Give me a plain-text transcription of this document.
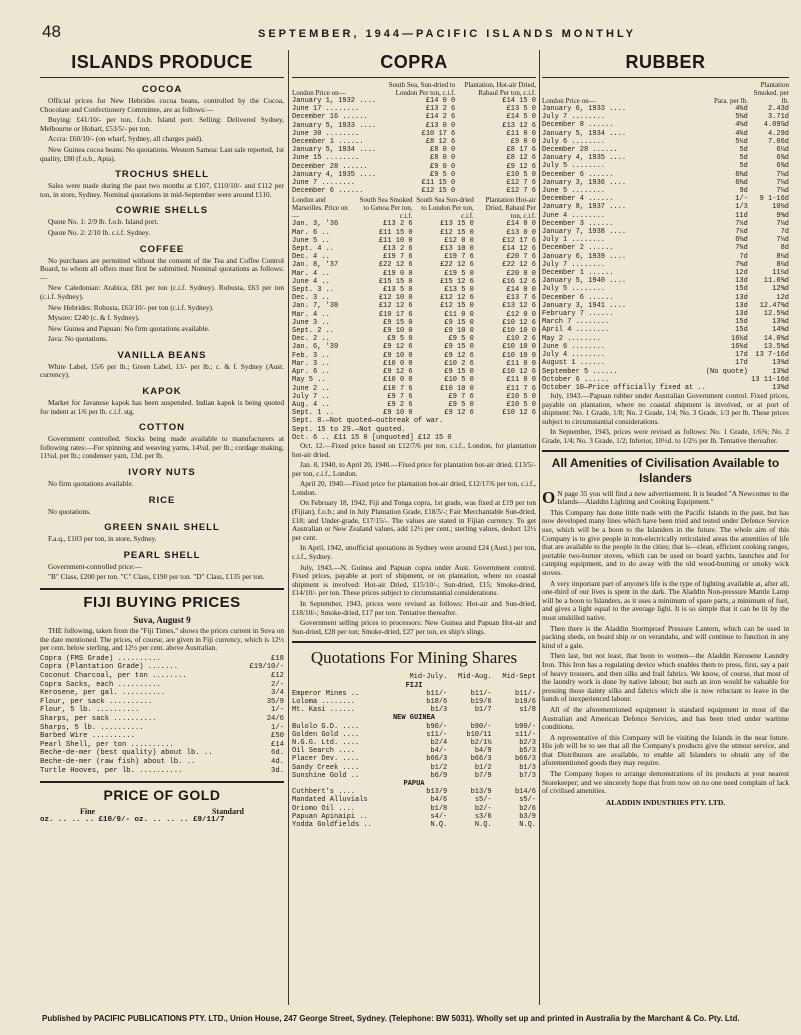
48	SEPTEMBER, 1944—PACIFIC ISLANDS MONTHLY
ISLANDS PRODUCE
COCOA

Official prices for New Hebrides cocoa beans, controlled by the Cocoa, Chocolate and Confectionery Committee, are as follows:—

Buying: £41/10/- per ton, f.o.b. Island port. Selling: Delivered Sydney, Melbourne or Hobart, £53/5/- per ton.

Accra: £60/10/- (on wharf, Sydney, all charges paid).

New Guinea cocoa beans: No quotations. Western Samoa: Last sale reported, 1st quality, £80 (f.o.b., Apia).

TROCHUS SHELL

Sales were made during the past two months at £107, £110/10/- and £112 per ton, in store, Sydney. Nominal quotations in mid-September were around £110.

COWRIE SHELLS

Quote No. 1: 2/9 lb. f.o.b. Island port.

Quote No. 2: 2/10 lb. c.i.f. Sydney.

COFFEE

No purchases are permitted without the consent of the Tea and Coffee Control Board, to whom all offers must first be submitted. Nominal quotations as follows:—

New Caledonian: Arabica, £81 per ton (c.i.f. Sydney). Robusta, £63 per ton (c.i.f. Sydney).

New Hebrides: Robusta, £63/10/- per ton (c.i.f. Sydney).

Mysore: £240 (c. & f. Sydney).

New Guinea and Papuan: No firm quotations available.

Java: No quotations.

VANILLA BEANS

White Label, 15/6 per lb.; Green Label, 13/- per lb.; c. & f. Sydney (Aust. currency).

KAPOK

Market for Javanese kapok has been suspended. Indian kapok is being quoted for indent at 1/6 per lb. c.i.f. stg.

COTTON

Government controlled. Stocks being made available to manufacturers at following rates:—For spinning and weaving yarns, 14¼d. per lb.; cordage making, 11¾d. per lb.; condenser yarn, 13d. per lb.

IVORY NUTS

No firm quotations available.

RICE

No quotations.

GREEN SNAIL SHELL

F.a.q., £103 per ton, in store, Sydney.

PEARL SHELL

Government-controlled price:—

"B" Class, £200 per ton. "C" Class, £190 per ton. "D" Class, £135 per ton.

FIJI BUYING PRICES
Suva, August 9

THE following, taken from the "Fiji Times," shows the prices current in Suva on the date mentioned. The prices, of course, are given in Fiji currency, which is 12½ per cent. below sterling, and 12½ per cent. above Australian.

Copra (FMS Grade) ..........	£18
Copra (Plantation Grade) .......	£19/10/-
Coconut Charcoal, per ton ........	£12
Copra Sacks, each ..........	2/-
Kerosene, per gal. ..........	3/4
Flour, per sack ..........	35/9
Flour, 5 lb. ..........	1/-
Sharps, per sack ..........	24/6
Sharps, 5 lb. ..........	1/-
Barbed Wire ..........	£50
Pearl Shell, per ton ..........	£14
Beche-de-mer (best quality) about lb. ..	6d.
Beche-de-mer (raw fish) about lb. ..	4d.
Turtle Hooves, per lb. ..........	3d.
PRICE OF GOLD
Fine	Standard
oz. .. .. .. £10/9/- oz. .. .. .. £9/11/7
COPRA
London Price on—	South Sea, Sun-dried to London Per ton, c.i.f.	Plantation, Hot-air Dried, Rabaul Per ton, c.i.f.
January 1, 1932 ....	£14 0 0	£14 15 0
June 17 ........	£13 2 6	£13 5 0
December 16 ......	£14 2 6	£14 5 0
January 5, 1933 ....	£13 0 0	£13 12 6
June 30 ........	£10 17 6	£11 0 0
December 1 ......	£8 12 6	£9 0 0
January 5, 1934 ....	£8 0 0	£8 17 6
June 15 ........	£8 0 0	£8 12 6
December 28 ......	£9 0 0	£9 12 6
January 4, 1935 ....	£9 5 0	£10 5 0
June 7 ........	£11 15 0	£12 7 6
December 6 ......	£12 15 0	£12 7 6
London and Marseilles. Price on—	South Sea Smoked to Genoa Per ton, c.i.f.	South Sea Sun-dried to London Per ton, c.i.f.	Plantation Hot-air Dried, Rabaul Per ton, c.i.f.
Jan. 3, '36	£13 2 6	£13 15 0	£14 0 0
Mar. 6 ..	£11 15 0	£12 15 0	£13 0 0
June 5 ..	£11 10 0	£12 0 0	£12 17 6
Sept. 4 ..	£13 2 6	£13 10 0	£14 12 6
Dec. 4 ..	£19 7 6	£19 7 6	£20 7 6
Jan. 8, '37	£22 12 6	£22 12 6	£22 12 6
Mar. 4 ..	£19 0 0	£19 5 0	£20 0 0
June 4 ..	£15 15 0	£15 12 6	£16 12 6
Sept. 3 ..	£13 5 0	£13 5 0	£14 0 0
Dec. 3 ..	£12 10 0	£12 12 6	£13 7 6
Jan. 7, '38	£12 12 6	£12 15 0	£13 12 6
Mar. 4 ..	£10 17 6	£11 0 0	£12 0 0
June 3 ..	£9 15 0	£9 15 0	£10 12 6
Sept. 2 ..	£9 10 0	£9 10 0	£10 10 0
Dec. 2 ..	£9 5 0	£9 5 0	£10 2 6
Jan. 6, '39	£9 12 6	£9 15 0	£10 10 0
Feb. 3 ..	£9 10 0	£9 12 6	£10 10 0
Mar. 3 ..	£10 0 0	£10 2 6	£11 0 0
Apr. 6 ..	£9 12 6	£9 15 0	£10 12 6
May 5 ..	£10 0 0	£10 5 0	£11 0 0
June 2 ..	£10 7 6	£10 10 0	£11 7 6
July 7 ..	£9 7 6	£9 7 6	£10 5 0
Aug. 4 ..	£9 2 6	£9 5 0	£10 5 0
Sept. 1 ..	£9 10 0	£9 12 6	£10 12 6
Sept. 8.—Not quoted—outbreak of war.
Sept. 15 to 29.—Not quoted.
Oct. 6 .. £11 15 0 [unquoted] £12 15 0

Oct. 12.—Fixed price based on £12/7/6 per ton, c.i.f., London, for plantation hot-air dried.

Jan. 8, 1940, to April 20, 1940.—Fixed price for plantation hot-air dried, £13/5/- per ton, c.i.f., London.

April 20, 1940.—Fixed price for plantation hot-air dried, £12/17/6 per ton, c.i.f., London.

On February 18, 1942, Fiji and Tonga copra, 1st grade, was fixed at £19 per ton (Fijian), f.o.b.; and in July Plantation Grade, £18/5/-; Fair Merchantable Sun-dried, £18; and Under-grade, £17/15/-. The values are stated in Fijian currency. To get Australian or New Zealand values, add 12½ per cent.; sterling values, deduct 12½ per cent.

In April, 1942, unofficial quotations in Sydney were around £24 (Aust.) per ton, c.i.f., Sydney.

July, 1943.—N. Guinea and Papuan copra under Aust. Government control. Fixed prices, payable at port of shipment, or on plantation, where no coastal shipment is involved: Hot-air Dried, £15/10/-; Sun-dried, £15; Smoke-dried, £14/10/- per ton. These prices subject to circumstantial considerations.

In September, 1943, prices were revised as follows: Hot-air and Sun-dried, £18/10/-; Smoke-dried, £17 per ton. Tentative thereafter.

Government selling prices to processors: New Guinea and Papuan Hot-air and Sun-dried, £28 per ton; Smoke-dried, £27 per ton, ex ship's slings.

Quotations For Mining Shares
	Mid-July.	Mid-Aug.	Mid-Sept
FIJI			
Emperor Mines ..	b11/-	b11/-	b11/-
Loloma ........	b18/6	b19/6	b19/6
Mt. Kasi ......	b1/3	b1/7	s1/8
NEW GUINEA			
Bulolo G.D. ....	b90/-	b90/-	b90/-
Golden Gold ....	s11/-	b10/11	s11/-
N.G.G. Ltd. ....	b2/4	b2/1½	b2/3
Oil Search ....	b4/-	b4/9	b5/3
Placer Dev. ....	b66/3	b66/3	b66/3
Sandy Creek ....	b1/2	b1/2	b1/3
Sunshine Gold ..	b6/9	b7/9	b7/3
PAPUA			
Cuthbert's ....	b13/9	b13/9	b14/6
Mandated Alluvials	b4/6	s5/-	s5/-
Oriomo Oil ....	b1/8	b2/-	b2/6
Papuan Apinaipi ..	s4/-	s3/6	b3/9
Yodda Goldfields ..	N.Q.	N.Q.	N.Q.
RUBBER
London Price on—	Para. per lb.	Plantation Smoked. per lb.
January 6, 1933 ....	4¾d	2.43d
July 7 ........	5⅜d	3.71d
December 8 ......	4⅝d	4.09⅞d
January 5, 1934 ....	4¾d	4.29d
July 6 ........	5¼d	7.06d
December 28 ......	5d	6¼d
January 4, 1935 ....	5d	6⅜d
July 5 ........	5d	6⅜d
December 6 ......	6⅜d	7¼d
January 3, 1936 ....	6⅜d	7¼d
June 5 ........	9d	7¼d
December 4 ......	1/-	9 1-16d
January 8, 1937 ....	1/3	10½d
June 4 ........	11d	9⅝d
December 3 ......	7¼d	7¼d
January 7, 1938 ....	7¼d	7d
July 1 ........	6⅝d	7¼d
December 2 ......	7¾d	8d
January 6, 1939 ....	7d	8¼d
July 7 ........	7⅝d	8¼d
December 1 ......	12d	11¼d
January 5, 1940 ....	13d	11.6⅝d
July 5 ........	15d	12⅝d
December 6 ......	13d	12d
January 3, 1941 ....	13d	12.47⅝d
February 7 ......	13d	12.5⅝d
March 7 ........	15d	13⅝d
April 4 ........	15d	14⅝d
May 2 ........	16½d	14.0⅝d
June 6 ........	16¾d	13.5⅝d
July 4 ........	17d	13 7-16d
August 1 ......	17d	13⅝d
September 5 ......	(No quote)	13⅝d
October 6 ......		13 11-16d
October 10—Price officially fixed at ..		13⅝d

July, 1943.—Papuan rubber under Australian Government control. Fixed prices, payable on plantation, where no coastal shipment is involved, or at port of shipment: No. 1 Grade, 1/8; No. 2 Grade, 1/4; No. 3 Grade, 1/3 per lb. These prices subject to circumstantial considerations.

In September, 1943, prices were revised as follows: No. 1 Grade, 1/6⅜; No. 2 Grade, 1/4; No. 3 Grade, 1/2; Inferior, 10½d. to 1/2½ per lb. Tentative thereafter.

All Amenities of Civilisation Available to Islanders

O N page 35 you will find a new advertisement. It is headed "A Newcomer to the Islands—Aladdin Lighting and Cooking Equipment."

This Company has done little trade with the Pacific Islands in the past, but has now developed many lines which have been tried and tested under Defence Service use, which will be a boon to the Islanders in the future. The whole aim of this Company is to give people in non-electrically reticulated areas the amenities of life that are available to the people in the cities; that is—clean, efficient cooking ranges, portable two-burner stoves, which can be used on board yachts, launches and for camping equipment, and to do away with the old wood-burning or smoky wick stoves.

A very important part of anyone's life is the type of lighting available at, after all, one-third of our lives is spent in the dark. The Aladdin Non-pressure Mantle Lamp will be a boon to Islanders, as it uses a minimum of spare parts, a minimum of fuel, and gives a light equal to the average light. It is so simple that it can be lit by the most unskilled native.

Then there is the Aladdin Stormproof Pressure Lantern, which can be used in packing sheds, on board ship or on verandahs, and will continue to function in any kind of a gale.

Then last, but not least, that boon to women—the Aladdin Kerosene Laundry Iron. This Iron has a regulating device which enables them to press, first, say a pair of heavy trousers, and then silks and frail fabrics. We know, of course, that most of the laundry work is done by native labour; but such an iron would be valuable for pressing those dainty silks and fabrics which she is now reluctant to leave in the hands of inexperienced labour.

All of the aforementioned equipment is standard equipment in most of the Australian and American Defence Services, and has been tried under wartime conditions.

A representative of this Company will be visiting the Islands in the near future. His job will be to see that all the Company's products give the utmost service, and that Distributors are available, to enable all Islanders to obtain any of the aforementioned goods they may require.

The Company hopes to arrange demonstrations of its products at your nearest Storekeeper; and we sincerely hope that from now on no one need complain of lack of civilised amenities.

ALADDIN INDUSTRIES PTY. LTD.
Published by PACIFIC PUBLICATIONS PTY. LTD., Union House, 247 George Street, Sydney. (Telephone: BW 5031). Wholly set up and printed in Australia by the Marchant & Co. Pty. Ltd.
